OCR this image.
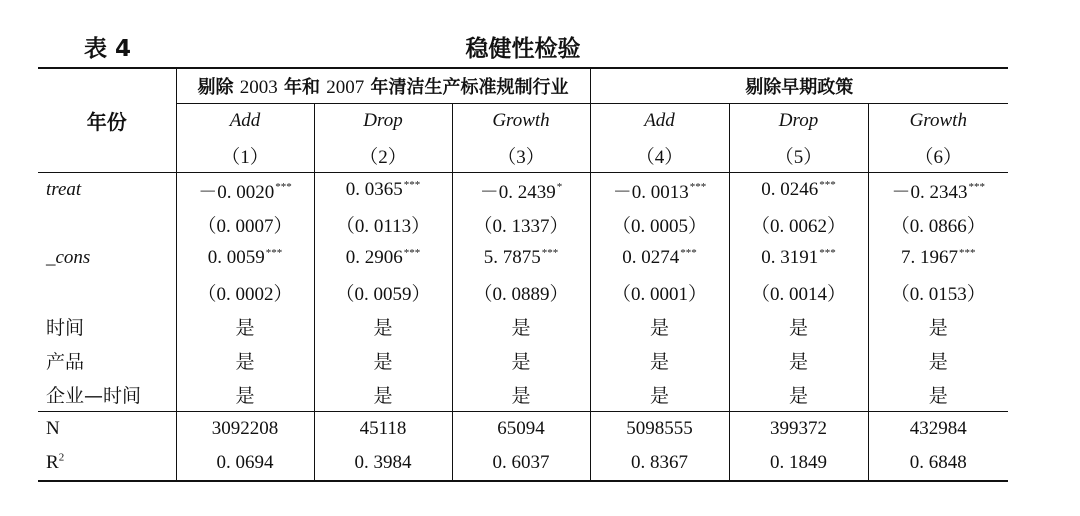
表 4	稳健性检验
年份	剔除 2003 年和 2007 年清洁生产标准规制行业			剔除早期政策		
	Add	Drop	Growth	Add	Drop	Growth
	（1）	（2）	（3）	（4）	（5）	（6）
treat	－0. 0020***	0. 0365***	－0. 2439*	－0. 0013***	0. 0246***	－0. 2343***
	（0. 0007）	（0. 0113）	（0. 1337）	（0. 0005）	（0. 0062）	（0. 0866）
_cons	0. 0059***	0. 2906***	5. 7875***	0. 0274***	0. 3191***	7. 1967***
	（0. 0002）	（0. 0059）	（0. 0889）	（0. 0001）	（0. 0014）	（0. 0153）
时间	是	是	是	是	是	是
产品	是	是	是	是	是	是
企业—时间	是	是	是	是	是	是
N	3092208	45118	65094	5098555	399372	432984
$R^2$	0. 0694	0. 3984	0. 6037	0. 8367	0. 1849	0. 6848
